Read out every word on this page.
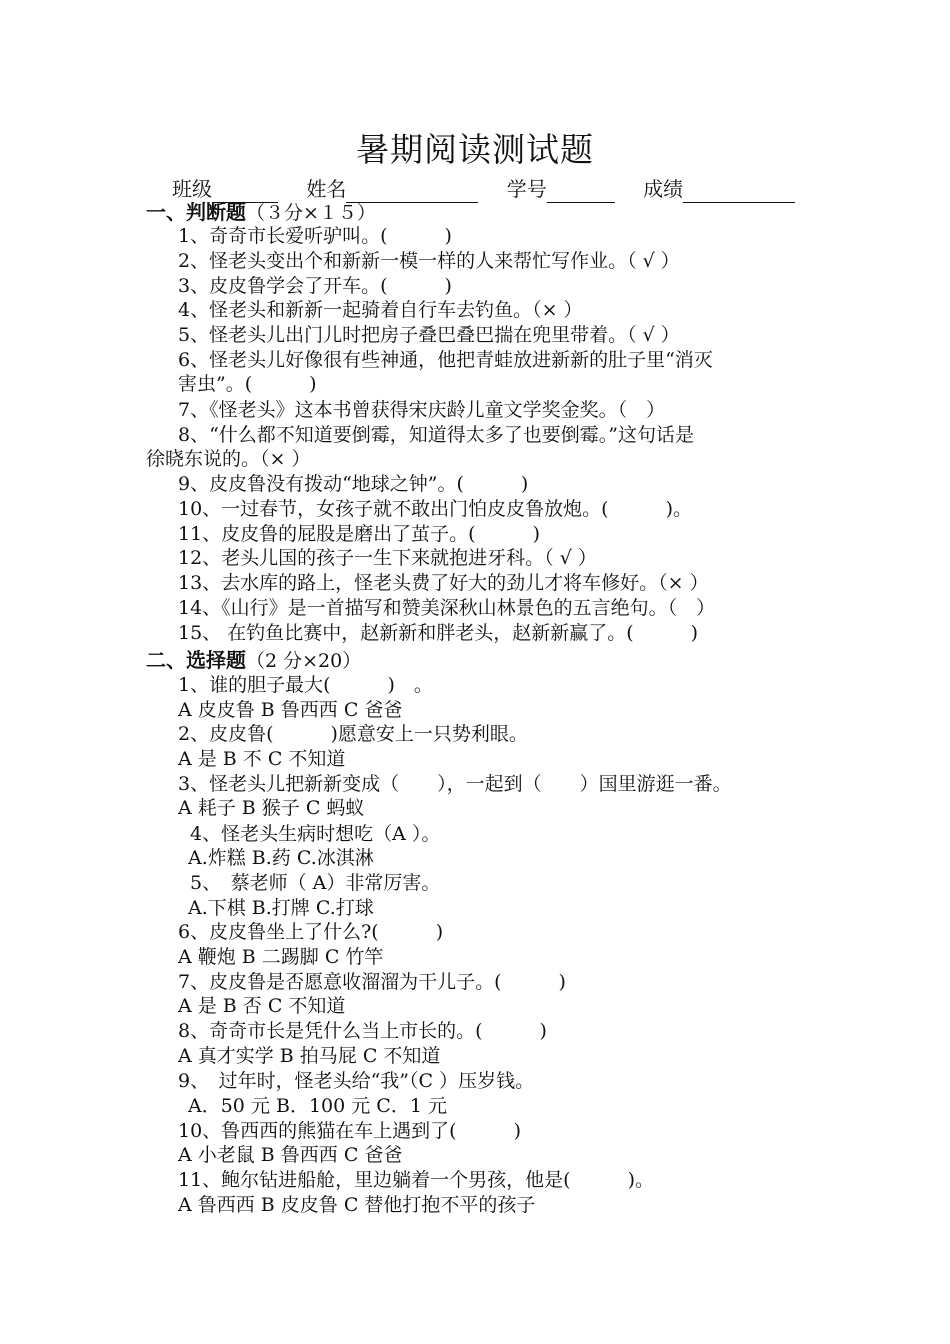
暑期阅读测试题
班级	姓名	学号	成绩
一、判断题（３分×１５）
1、奇奇市长爱听驴叫。(　　　)
2、怪老头变出个和新新一模一样的人来帮忙写作业。（ √ ）
3、皮皮鲁学会了开车。(　　　)
4、怪老头和新新一起骑着自行车去钓鱼。（× ）
5、怪老头儿出门儿时把房子叠巴叠巴揣在兜里带着。（ √ ）
6、怪老头儿好像很有些神通，他把青蛙放进新新的肚子里“消灭
害虫”。(　　　)
7、《怪老头》这本书曾获得宋庆龄儿童文学奖金奖。（　）
8、“什么都不知道要倒霉，知道得太多了也要倒霉。”这句话是
徐晓东说的。（× ）
9、皮皮鲁没有拨动“地球之钟”。(　　　)
10、一过春节，女孩子就不敢出门怕皮皮鲁放炮。(　　　)。
11、皮皮鲁的屁股是磨出了茧子。(　　　)
12、老头儿国的孩子一生下来就抱进牙科。（ √ ）
13、去水库的路上，怪老头费了好大的劲儿才将车修好。（× ）
14、《山行》是一首描写和赞美深秋山林景色的五言绝句。（　）
15、 在钓鱼比赛中，赵新新和胖老头，赵新新赢了。(　　　)
二、选择题（2 分×20）
1、谁的胆子最大(　　　)　。
A 皮皮鲁 B 鲁西西 C 爸爸
2、皮皮鲁(　　　)愿意安上一只势利眼。
A 是 B 不 C 不知道
3、怪老头儿把新新变成（　　），一起到（　　）国里游逛一番。
A 耗子 B 猴子 C 蚂蚁
4、怪老头生病时想吃（A ）。
A.炸糕 B.药 C.冰淇淋
5、　蔡老师（ A）非常厉害。
A.下棋 B.打牌 C.打球
6、皮皮鲁坐上了什么?(　　　)
A 鞭炮 B 二踢脚 C 竹竿
7、皮皮鲁是否愿意收溜溜为干儿子。(　　　)
A 是 B 否 C 不知道
8、奇奇市长是凭什么当上市长的。(　　　)
A 真才实学 B 拍马屁 C 不知道
9、　过年时，怪老头给“我”（C ）压岁钱。
A．50 元 B．100 元 C．1 元
10、鲁西西的熊猫在车上遇到了(　　　)
A 小老鼠 B 鲁西西 C 爸爸
11、鲍尔钻进船舱，里边躺着一个男孩，他是(　　　)。
A 鲁西西 B 皮皮鲁 C 替他打抱不平的孩子
